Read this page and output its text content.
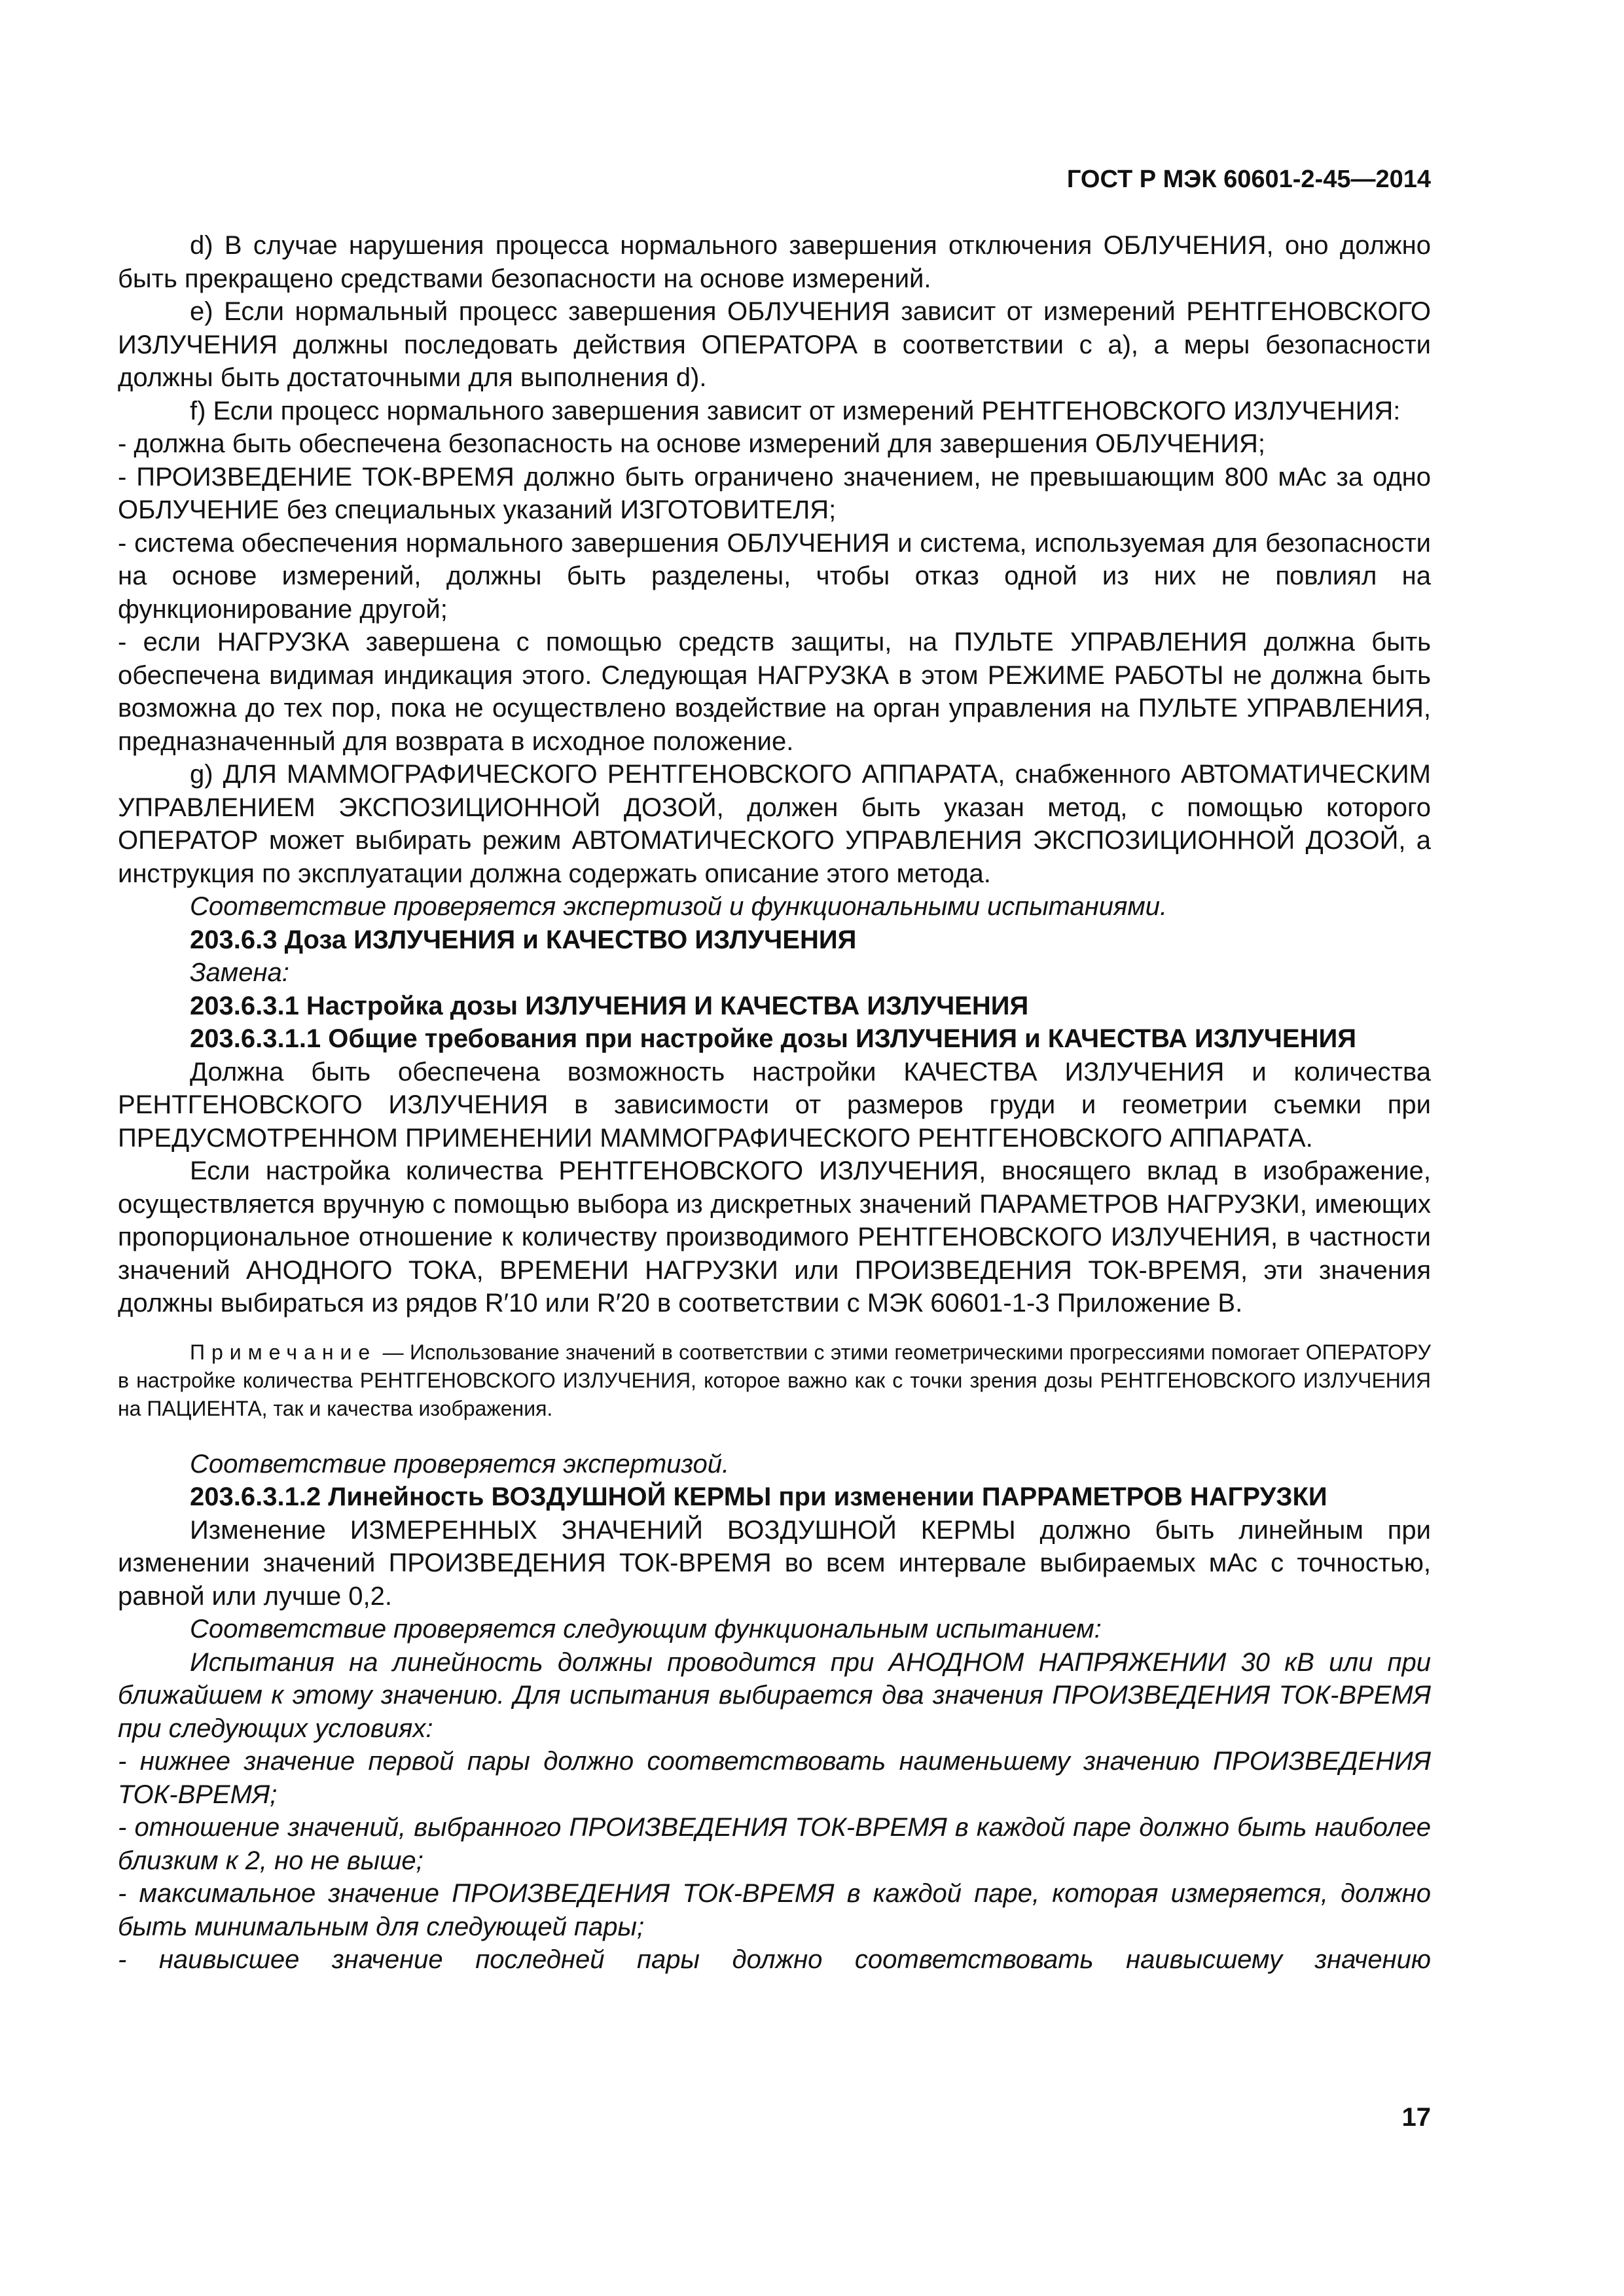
ГОСТ Р МЭК 60601-2-45—2014

d) В случае нарушения процесса нормального завершения отключения ОБЛУЧЕНИЯ, оно должно быть прекращено средствами безопасности на основе измерений.

e) Если нормальный процесс завершения ОБЛУЧЕНИЯ зависит от измерений РЕНТГЕНОВСКОГО ИЗЛУЧЕНИЯ должны последовать действия ОПЕРАТОРА в соответствии с а), а меры безопасности должны быть достаточными для выполнения d).

f) Если процесс нормального завершения зависит от измерений РЕНТГЕНОВСКОГО ИЗЛУЧЕНИЯ:

- должна быть обеспечена безопасность на основе измерений для завершения ОБЛУЧЕНИЯ;

- ПРОИЗВЕДЕНИЕ ТОК-ВРЕМЯ должно быть ограничено значением, не превышающим 800 мАс за одно ОБЛУЧЕНИЕ без специальных указаний ИЗГОТОВИТЕЛЯ;

- система обеспечения нормального завершения ОБЛУЧЕНИЯ и система, используемая для безопасности на основе измерений, должны быть разделены, чтобы отказ одной из них не повлиял на функционирование другой;

- если НАГРУЗКА завершена с помощью средств защиты, на ПУЛЬТЕ УПРАВЛЕНИЯ должна быть обеспечена видимая индикация этого. Следующая НАГРУЗКА в этом РЕЖИМЕ РАБОТЫ не должна быть возможна до тех пор, пока не осуществлено воздействие на орган управления на ПУЛЬТЕ УПРАВЛЕНИЯ, предназначенный для возврата в исходное положение.

g) ДЛЯ МАММОГРАФИЧЕСКОГО РЕНТГЕНОВСКОГО АППАРАТА, снабженного АВТОМАТИЧЕСКИМ УПРАВЛЕНИЕМ ЭКСПОЗИЦИОННОЙ ДОЗОЙ, должен быть указан метод, с помощью которого ОПЕРАТОР может выбирать режим АВТОМАТИЧЕСКОГО УПРАВЛЕНИЯ ЭКСПОЗИЦИОННОЙ ДОЗОЙ, а инструкция по эксплуатации должна содержать описание этого метода.

Соответствие проверяется экспертизой и функциональными испытаниями.

203.6.3 Доза ИЗЛУЧЕНИЯ и КАЧЕСТВО ИЗЛУЧЕНИЯ

Замена:

203.6.3.1 Настройка дозы ИЗЛУЧЕНИЯ И КАЧЕСТВА ИЗЛУЧЕНИЯ

203.6.3.1.1 Общие требования при настройке дозы ИЗЛУЧЕНИЯ и КАЧЕСТВА ИЗЛУЧЕНИЯ

Должна быть обеспечена возможность настройки КАЧЕСТВА ИЗЛУЧЕНИЯ и количества РЕНТГЕНОВСКОГО ИЗЛУЧЕНИЯ в зависимости от размеров груди и геометрии съемки при ПРЕДУСМОТРЕННОМ ПРИМЕНЕНИИ МАММОГРАФИЧЕСКОГО РЕНТГЕНОВСКОГО АППАРАТА.

Если настройка количества РЕНТГЕНОВСКОГО ИЗЛУЧЕНИЯ, вносящего вклад в изображение, осуществляется вручную с помощью выбора из дискретных значений ПАРАМЕТРОВ НАГРУЗКИ, имеющих пропорциональное отношение к количеству производимого РЕНТГЕНОВСКОГО ИЗЛУЧЕНИЯ, в частности значений АНОДНОГО ТОКА, ВРЕМЕНИ НАГРУЗКИ или ПРОИЗВЕДЕНИЯ ТОК-ВРЕМЯ, эти значения должны выбираться из рядов R′10 или R′20 в соответствии с МЭК 60601-1-3 Приложение В.

Примечание — Использование значений в соответствии с этими геометрическими прогрессиями помогает ОПЕРАТОРУ в настройке количества РЕНТГЕНОВСКОГО ИЗЛУЧЕНИЯ, которое важно как с точки зрения дозы РЕНТГЕНОВСКОГО ИЗЛУЧЕНИЯ на ПАЦИЕНТА, так и качества изображения.

Соответствие проверяется экспертизой.

203.6.3.1.2 Линейность ВОЗДУШНОЙ КЕРМЫ при изменении ПАРРАМЕТРОВ НАГРУЗКИ

Изменение ИЗМЕРЕННЫХ ЗНАЧЕНИЙ ВОЗДУШНОЙ КЕРМЫ должно быть линейным при изменении значений ПРОИЗВЕДЕНИЯ ТОК-ВРЕМЯ во всем интервале выбираемых мАс с точностью, равной или лучше 0,2.

Соответствие проверяется следующим функциональным испытанием:

Испытания на линейность должны проводится при АНОДНОМ НАПРЯЖЕНИИ 30 кВ или при ближайшем к этому значению. Для испытания выбирается два значения ПРОИЗВЕДЕНИЯ ТОК-ВРЕМЯ при следующих условиях:

- нижнее значение первой пары должно соответствовать наименьшему значению ПРОИЗВЕДЕНИЯ ТОК-ВРЕМЯ;

- отношение значений, выбранного ПРОИЗВЕДЕНИЯ ТОК-ВРЕМЯ в каждой паре должно быть наиболее близким к 2, но не выше;

- максимальное значение ПРОИЗВЕДЕНИЯ ТОК-ВРЕМЯ в каждой паре, которая измеряется, должно быть минимальным для следующей пары;

- наивысшее значение последней пары должно соответствовать наивысшему значению

17
